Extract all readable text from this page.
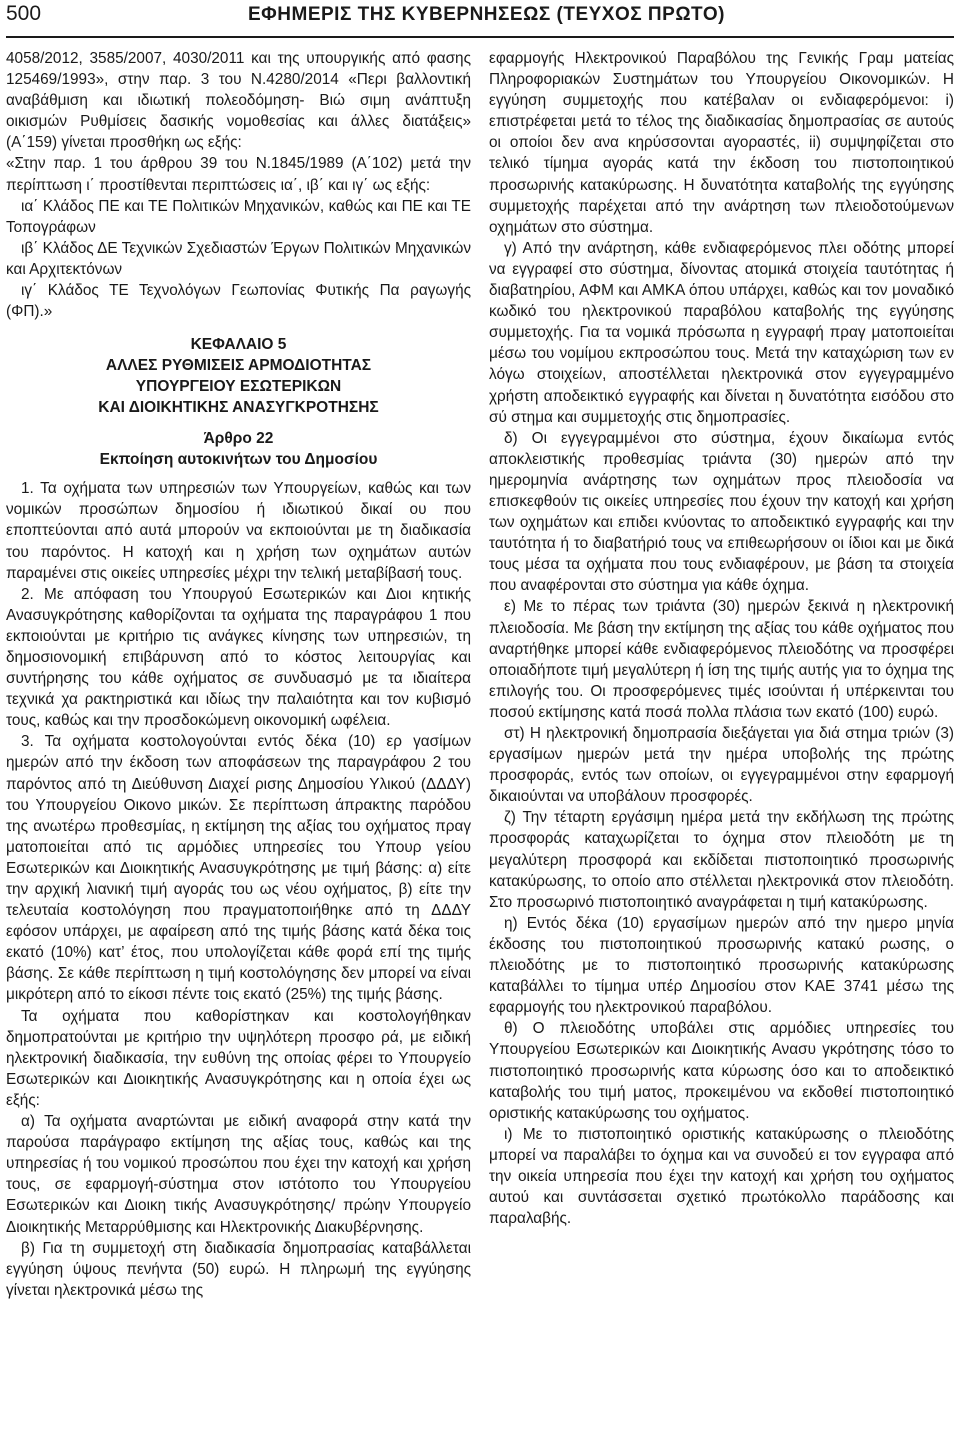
500	ΕΦΗΜΕΡΙΣ ΤΗΣ ΚΥΒΕΡΝΗΣΕΩΣ (ΤΕΥΧΟΣ ΠΡΩΤΟ)

4058/2012, 3585/2007, 4030/2011 και της υπουργικής από φασης 125469/1993», στην παρ. 3 του Ν.4280/2014 «Περι βαλλοντική αναβάθμιση και ιδιωτική πολεοδόμηση- Βιώ σιμη ανάπτυξη οικισμών Ρυθμίσεις δασικής νομοθεσίας και άλλες διατάξεις» (Α΄159) γίνεται προσθήκη ως εξής:

«Στην παρ. 1 του άρθρου 39 του Ν.1845/1989 (Α΄102) μετά την περίπτωση ι΄ προστίθενται περιπτώσεις ια΄, ιβ΄ και ιγ΄ ως εξής:

ια΄ Κλάδος ΠΕ και ΤΕ Πολιτικών Μηχανικών, καθώς και ΠΕ και ΤΕ Τοπογράφων

ιβ΄ Κλάδος ΔΕ Τεχνικών Σχεδιαστών Έργων Πολιτικών Μηχανικών και Αρχιτεκτόνων

ιγ΄ Κλάδος ΤΕ Τεχνολόγων Γεωπονίας Φυτικής Πα ραγωγής (ΦΠ).»

ΚΕΦΑΛΑΙΟ 5
ΑΛΛΕΣ ΡΥΘΜΙΣΕΙΣ ΑΡΜΟΔΙΟΤΗΤΑΣ
ΥΠΟΥΡΓΕΙΟΥ ΕΣΩΤΕΡΙΚΩΝ
ΚΑΙ ΔΙΟΙΚΗΤΙΚΗΣ ΑΝΑΣΥΓΚΡΟΤΗΣΗΣ
Άρθρο 22
Εκποίηση αυτοκινήτων του Δημοσίου

1. Τα οχήματα των υπηρεσιών των Υπουργείων, καθώς και των νομικών προσώπων δημοσίου ή ιδιωτικού δικαί ου που εποπτεύονται από αυτά μπορούν να εκποιούνται με τη διαδικασία του παρόντος. Η κατοχή και η χρήση των οχημάτων αυτών παραμένει στις οικείες υπηρεσίες μέχρι την τελική μεταβίβασή τους.

2. Με απόφαση του Υπουργού Εσωτερικών και Διοι κητικής Ανασυγκρότησης καθορίζονται τα οχήματα της παραγράφου 1 που εκποιούνται με κριτήριο τις ανάγκες κίνησης των υπηρεσιών, τη δημοσιονομική επιβάρυνση από το κόστος λειτουργίας και συντήρησης του κάθε οχήματος σε συνδυασμό με τα ιδιαίτερα τεχνικά χα ρακτηριστικά και ιδίως την παλαιότητα και τον κυβισμό τους, καθώς και την προσδοκώμενη οικονομική ωφέλεια.

3. Τα οχήματα κοστολογούνται εντός δέκα (10) ερ γασίμων ημερών από την έκδοση των αποφάσεων της παραγράφου 2 του παρόντος από τη Διεύθυνση Διαχεί ρισης Δημοσίου Υλικού (ΔΔΔΥ) του Υπουργείου Οικονο μικών. Σε περίπτωση άπρακτης παρόδου της ανωτέρω προθεσμίας, η εκτίμηση της αξίας του οχήματος πραγ ματοποιείται από τις αρμόδιες υπηρεσίες του Υπουρ γείου Εσωτερικών και Διοικητικής Ανασυγκρότησης με τιμή βάσης: α) είτε την αρχική λιανική τιμή αγοράς του ως νέου οχήματος, β) είτε την τελευταία κοστολόγηση που πραγματοποιήθηκε από τη ΔΔΔΥ εφόσον υπάρχει, με αφαίρεση από της τιμής βάσης κατά δέκα τοις εκατό (10%) κατ’ έτος, που υπολογίζεται κάθε φορά επί της τιμής βάσης. Σε κάθε περίπτωση η τιμή κοστολόγησης δεν μπορεί να είναι μικρότερη από το είκοσι πέντε τοις εκατό (25%) της τιμής βάσης.

Τα οχήματα που καθορίστηκαν και κοστολογήθηκαν δημοπρατούνται με κριτήριο την υψηλότερη προσφο ρά, με ειδική ηλεκτρονική διαδικασία, την ευθύνη της οποίας φέρει το Υπουργείο Εσωτερικών και Διοικητικής Ανασυγκρότησης και η οποία έχει ως εξής:

α) Τα οχήματα αναρτώνται με ειδική αναφορά στην κατά την παρούσα παράγραφο εκτίμηση της αξίας τους, καθώς και της υπηρεσίας ή του νομικού προσώπου που έχει την κατοχή και χρήση τους, σε εφαρμογή-σύστημα στον ιστότοπο του Υπουργείου Εσωτερικών και Διοικη τικής Ανασυγκρότησης/ πρώην Υπουργείο Διοικητικής Μεταρρύθμισης και Ηλεκτρονικής Διακυβέρνησης.

β) Για τη συμμετοχή στη διαδικασία δημοπρασίας καταβάλλεται εγγύηση ύψους πενήντα (50) ευρώ. Η πληρωμή της εγγύησης γίνεται ηλεκτρονικά μέσω της

εφαρμογής Ηλεκτρονικού Παραβόλου της Γενικής Γραμ ματείας Πληροφοριακών Συστημάτων του Υπουργείου Οικονομικών. Η εγγύηση συμμετοχής που κατέβαλαν οι ενδιαφερόμενοι: i) επιστρέφεται μετά το τέλος της διαδικασίας δημοπρασίας σε αυτούς οι οποίοι δεν ανα κηρύσσονται αγοραστές, ii) συμψηφίζεται στο τελικό τίμημα αγοράς κατά την έκδοση του πιστοποιητικού προσωρινής κατακύρωσης. Η δυνατότητα καταβολής της εγγύησης συμμετοχής παρέχεται από την ανάρτηση των πλειοδοτούμενων οχημάτων στο σύστημα.

γ) Από την ανάρτηση, κάθε ενδιαφερόμενος πλει οδότης μπορεί να εγγραφεί στο σύστημα, δίνοντας ατομικά στοιχεία ταυτότητας ή διαβατηρίου, ΑΦΜ και ΑΜΚΑ όπου υπάρχει, καθώς και τον μοναδικό κωδικό του ηλεκτρονικού παραβόλου καταβολής της εγγύησης συμμετοχής. Για τα νομικά πρόσωπα η εγγραφή πραγ ματοποιείται μέσω του νομίμου εκπροσώπου τους. Μετά την καταχώριση των εν λόγω στοιχείων, αποστέλλεται ηλεκτρονικά στον εγγεγραμμένο χρήστη αποδεικτικό εγγραφής και δίνεται η δυνατότητα εισόδου στο σύ στημα και συμμετοχής στις δημοπρασίες.

δ) Οι εγγεγραμμένοι στο σύστημα, έχουν δικαίωμα εντός αποκλειστικής προθεσμίας τριάντα (30) ημερών από την ημερομηνία ανάρτησης των οχημάτων προς πλειοδοσία να επισκεφθούν τις οικείες υπηρεσίες που έχουν την κατοχή και χρήση των οχημάτων και επιδει κνύοντας το αποδεικτικό εγγραφής και την ταυτότητα ή το διαβατήριό τους να επιθεωρήσουν οι ίδιοι και με δικά τους μέσα τα οχήματα που τους ενδιαφέρουν, με βάση τα στοιχεία που αναφέρονται στο σύστημα για κάθε όχημα.

ε) Με το πέρας των τριάντα (30) ημερών ξεκινά η ηλεκτρονική πλειοδοσία. Με βάση την εκτίμηση της αξίας του κάθε οχήματος που αναρτήθηκε μπορεί κάθε ενδιαφερόμενος πλειοδότης να προσφέρει οποιαδήποτε τιμή μεγαλύτερη ή ίση της τιμής αυτής για το όχημα της επιλογής του. Οι προσφερόμενες τιμές ισούνται ή υπέρκεινται του ποσού εκτίμησης κατά ποσά πολλα πλάσια των εκατό (100) ευρώ.

στ) Η ηλεκτρονική δημοπρασία διεξάγεται για διά στημα τριών (3) εργασίμων ημερών μετά την ημέρα υποβολής της πρώτης προσφοράς, εντός των οποίων, οι εγγεγραμμένοι στην εφαρμογή δικαιούνται να υποβάλουν προσφορές.

ζ) Την τέταρτη εργάσιμη ημέρα μετά την εκδήλωση της πρώτης προσφοράς καταχωρίζεται το όχημα στον πλειοδότη με τη μεγαλύτερη προσφορά και εκδίδεται πιστοποιητικό προσωρινής κατακύρωσης, το οποίο απο στέλλεται ηλεκτρονικά στον πλειοδότη. Στο προσωρινό πιστοποιητικό αναγράφεται η τιμή κατακύρωσης.

η) Εντός δέκα (10) εργασίμων ημερών από την ημερο μηνία έκδοσης του πιστοποιητικού προσωρινής κατακύ ρωσης, ο πλειοδότης με το πιστοποιητικό προσωρινής κατακύρωσης καταβάλλει το τίμημα υπέρ Δημοσίου στον ΚΑΕ 3741 μέσω της εφαρμογής του ηλεκτρονικού παραβόλου.

θ) Ο πλειοδότης υποβάλει στις αρμόδιες υπηρεσίες του Υπουργείου Εσωτερικών και Διοικητικής Ανασυ γκρότησης τόσο το πιστοποιητικό προσωρινής κατα κύρωσης όσο και το αποδεικτικό καταβολής του τιμή ματος, προκειμένου να εκδοθεί πιστοποιητικό οριστικής κατακύρωσης του οχήματος.

ι) Με το πιστοποιητικό οριστικής κατακύρωσης ο πλειοδότης μπορεί να παραλάβει το όχημα και να συνοδεύ ει τον εγγραφα από την οικεία υπηρεσία που έχει την κατοχή και χρήση του οχήματος αυτού και συντάσσεται σχετικό πρωτόκολλο παράδοσης και παραλαβής.
